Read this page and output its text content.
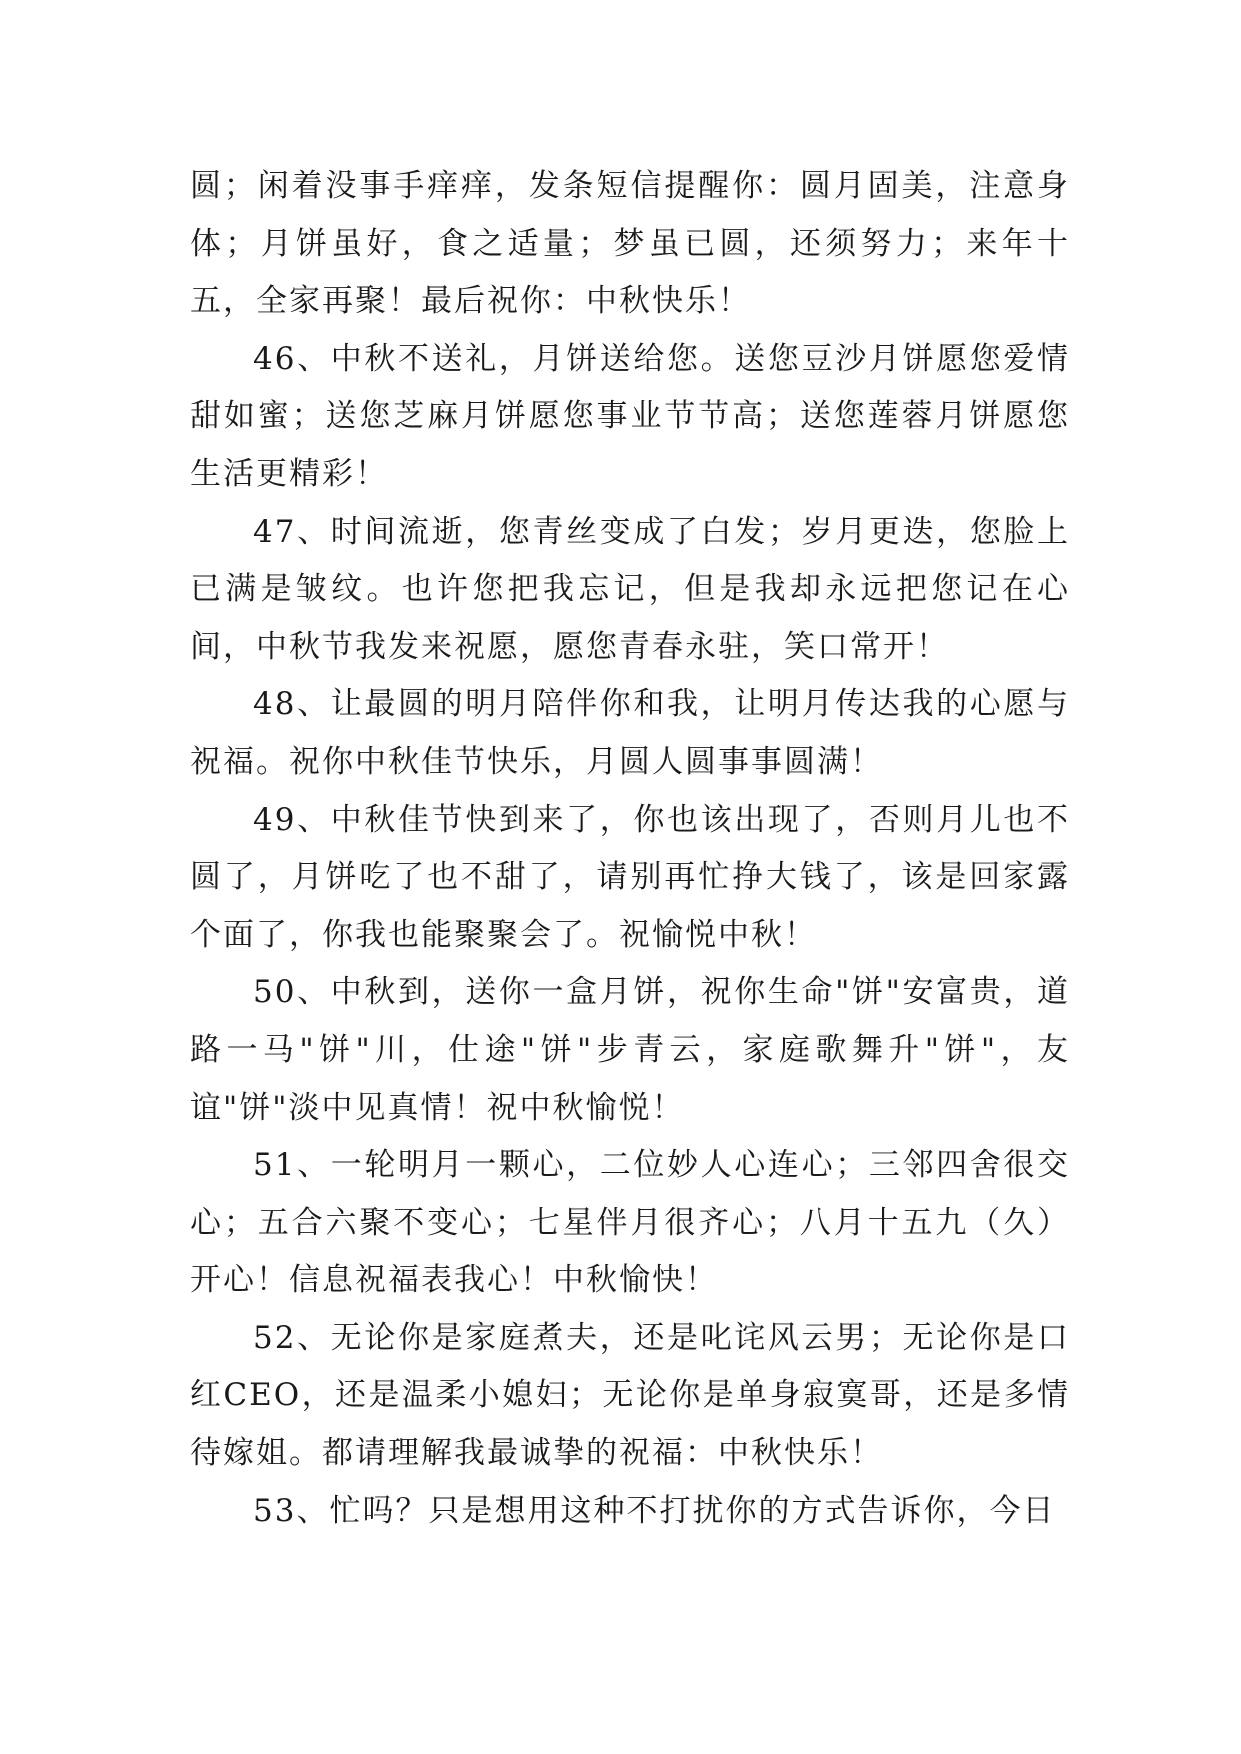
圆；闲着没事手痒痒，发条短信提醒你：圆月固美，注意身体；月饼虽好，食之适量；梦虽已圆，还须努力；来年十五，全家再聚！最后祝你：中秋快乐！

46、中秋不送礼，月饼送给您。送您豆沙月饼愿您爱情甜如蜜；送您芝麻月饼愿您事业节节高；送您莲蓉月饼愿您生活更精彩！

47、时间流逝，您青丝变成了白发；岁月更迭，您脸上已满是皱纹。也许您把我忘记，但是我却永远把您记在心间，中秋节我发来祝愿，愿您青春永驻，笑口常开！

48、让最圆的明月陪伴你和我，让明月传达我的心愿与祝福。祝你中秋佳节快乐，月圆人圆事事圆满！

49、中秋佳节快到来了，你也该出现了，否则月儿也不圆了，月饼吃了也不甜了，请别再忙挣大钱了，该是回家露个面了，你我也能聚聚会了。祝愉悦中秋！

50、中秋到，送你一盒月饼，祝你生命"饼"安富贵，道路一马"饼"川，仕途"饼"步青云，家庭歌舞升"饼"，友谊"饼"淡中见真情！祝中秋愉悦！

51、一轮明月一颗心，二位妙人心连心；三邻四舍很交心；五合六聚不变心；七星伴月很齐心；八月十五九（久）开心！信息祝福表我心！中秋愉快！

52、无论你是家庭煮夫，还是叱诧风云男；无论你是口红CEO，还是温柔小媳妇；无论你是单身寂寞哥，还是多情待嫁姐。都请理解我最诚挚的祝福：中秋快乐！

53、忙吗？只是想用这种不打扰你的方式告诉你，今日
